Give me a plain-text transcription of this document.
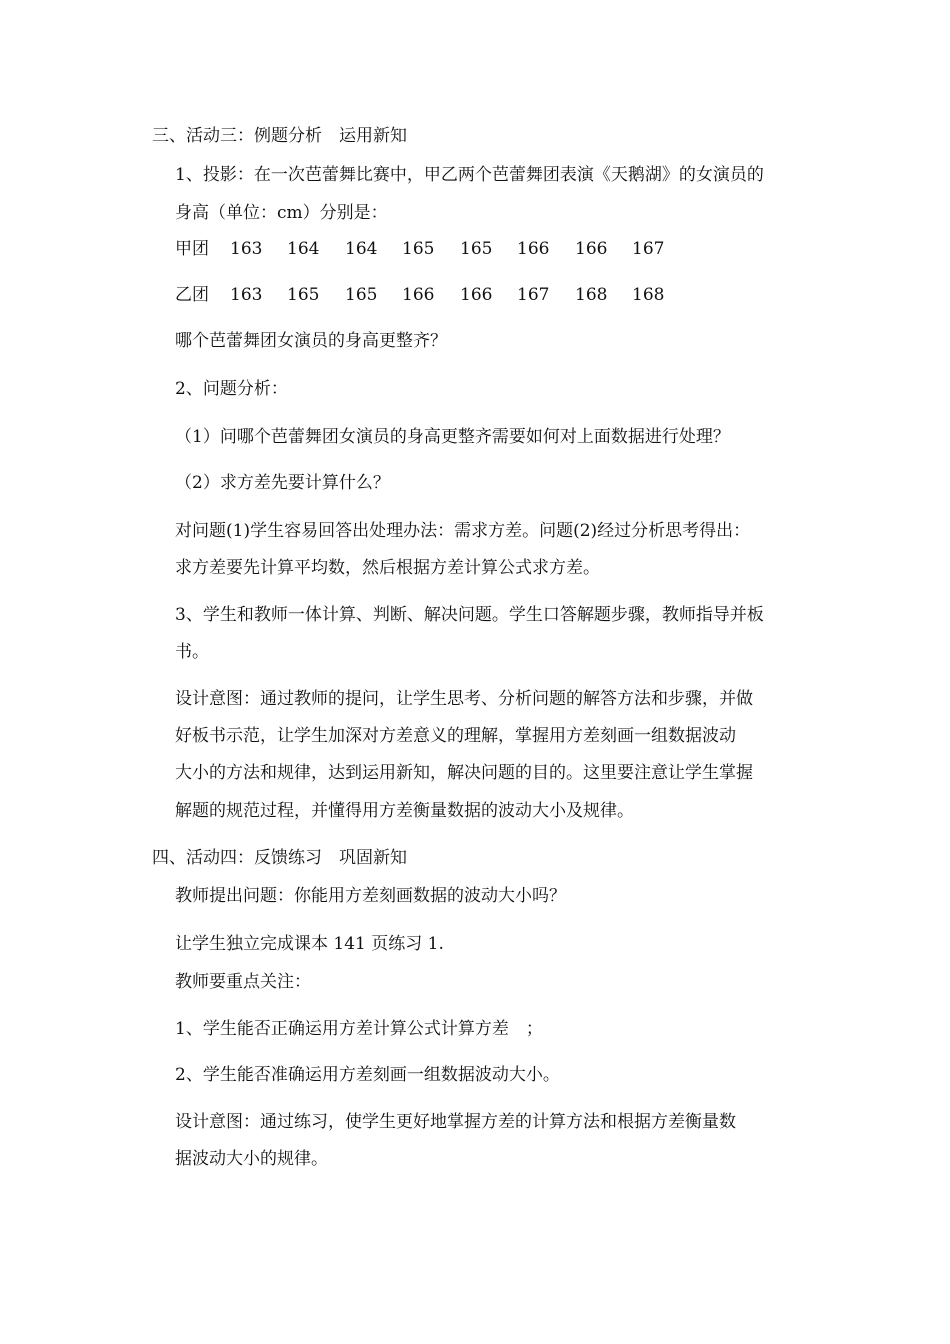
三、活动三：例题分析　运用新知
1、投影：在一次芭蕾舞比赛中，甲乙两个芭蕾舞团表演《天鹅湖》的女演员的
身高（单位：cm）分别是：
甲团 163 164 164 165 165 166 166 167
乙团 163 165 165 166 166 167 168 168
哪个芭蕾舞团女演员的身高更整齐？
2、问题分析：
（1）问哪个芭蕾舞团女演员的身高更整齐需要如何对上面数据进行处理？
（2）求方差先要计算什么？
对问题(1)学生容易回答出处理办法：需求方差。问题(2)经过分析思考得出：
求方差要先计算平均数，然后根据方差计算公式求方差。
3、学生和教师一体计算、判断、解决问题。学生口答解题步骤，教师指导并板
书。
设计意图：通过教师的提问，让学生思考、分析问题的解答方法和步骤，并做
好板书示范，让学生加深对方差意义的理解，掌握用方差刻画一组数据波动
大小的方法和规律，达到运用新知，解决问题的目的。这里要注意让学生掌握
解题的规范过程，并懂得用方差衡量数据的波动大小及规律。
四、活动四：反馈练习　巩固新知
教师提出问题：你能用方差刻画数据的波动大小吗？
让学生独立完成课本 141 页练习 1.
教师要重点关注：
1、学生能否正确运用方差计算公式计算方差　；
2、学生能否准确运用方差刻画一组数据波动大小。
设计意图：通过练习，使学生更好地掌握方差的计算方法和根据方差衡量数
据波动大小的规律。
